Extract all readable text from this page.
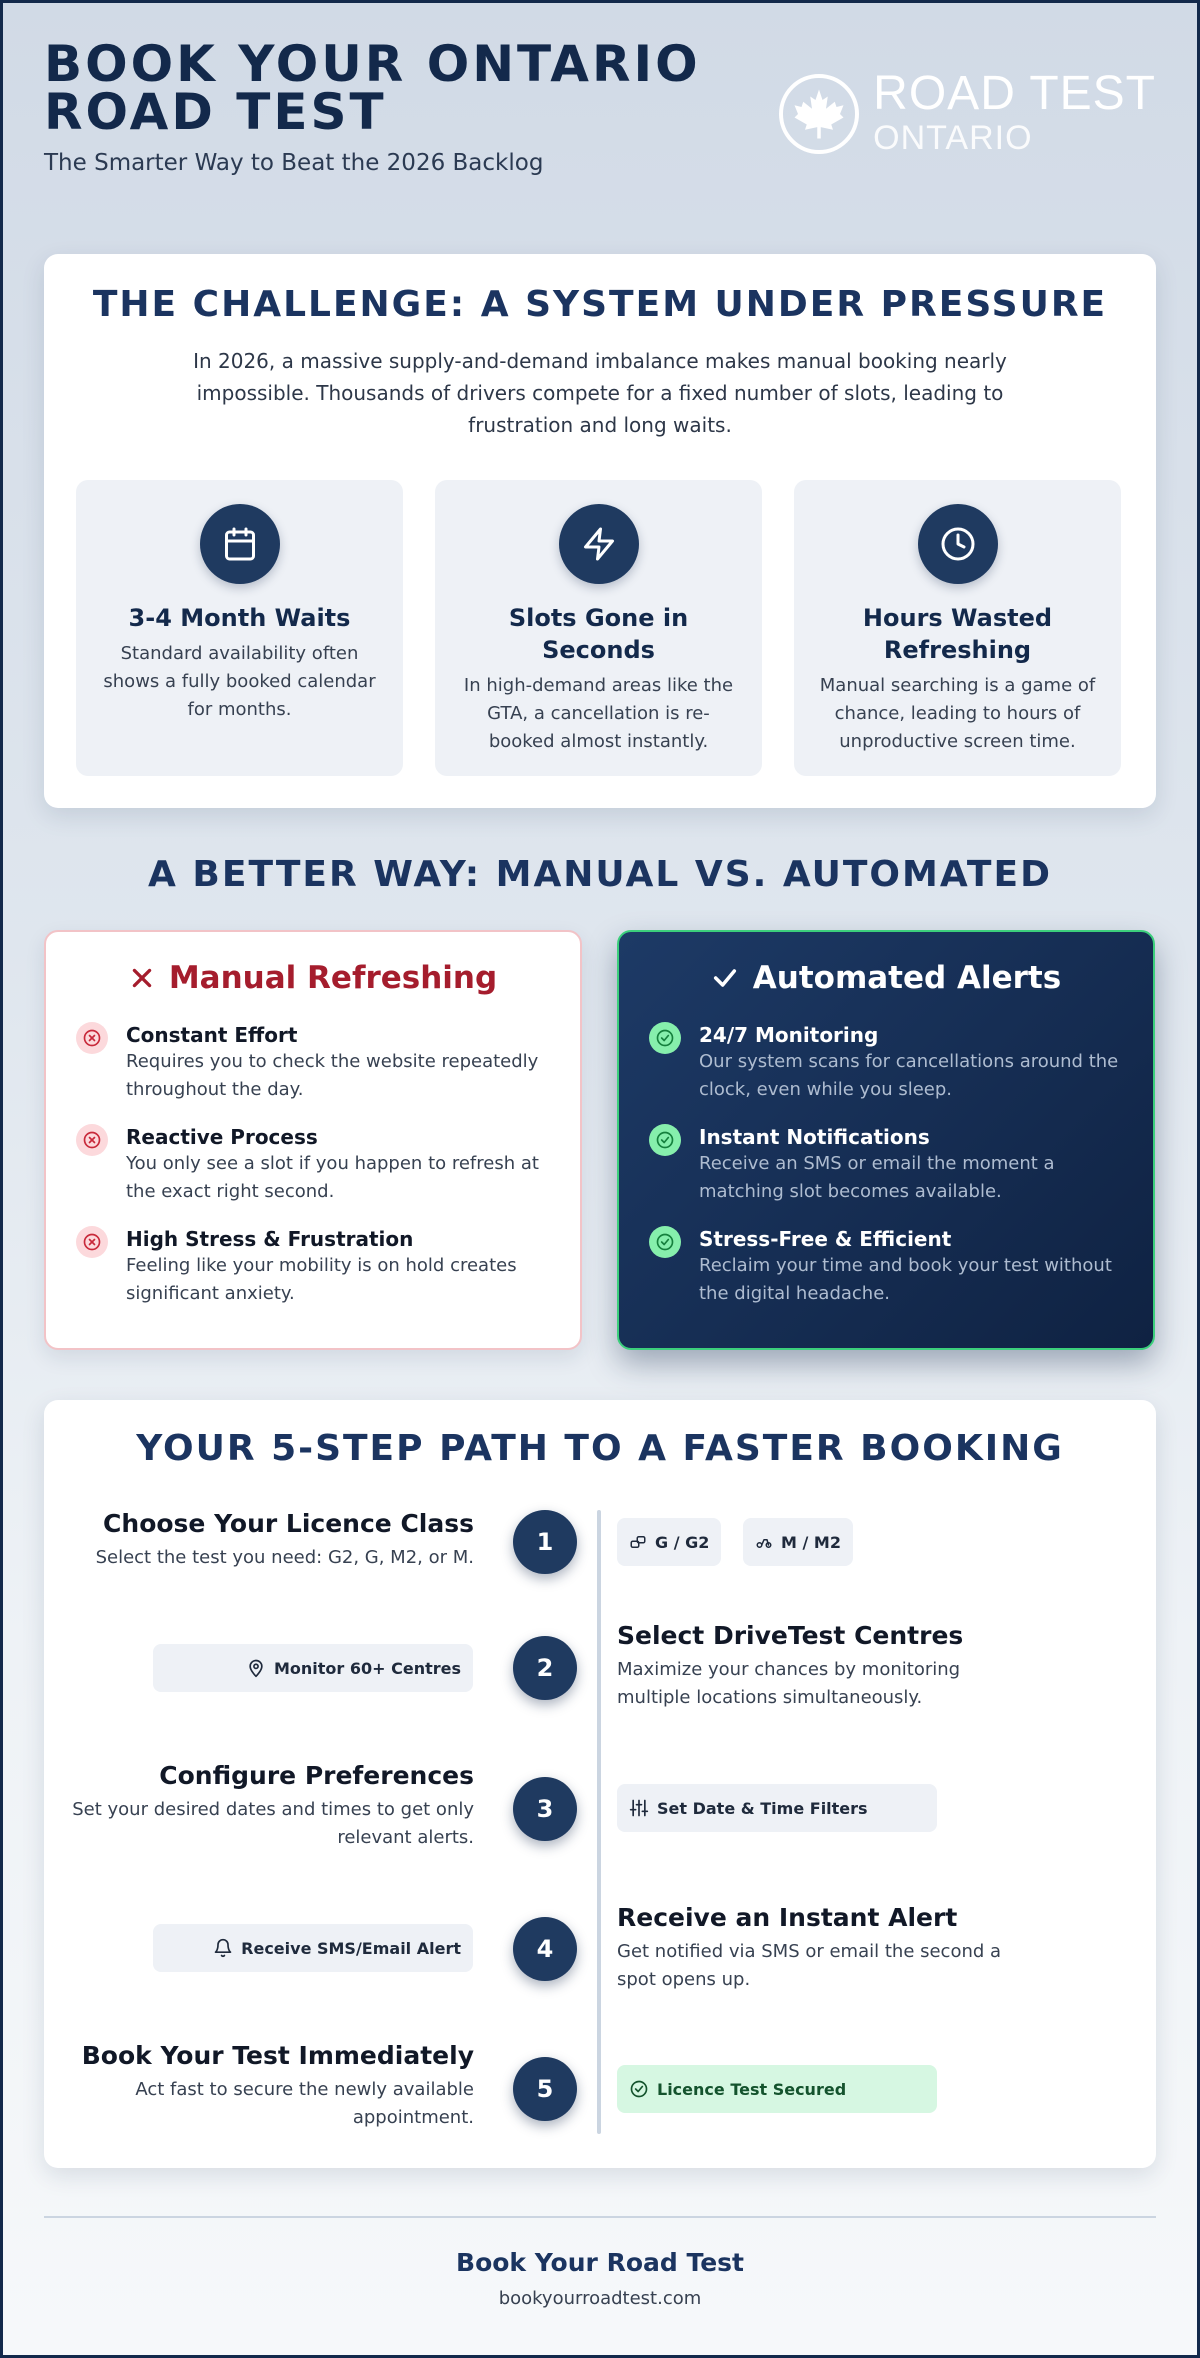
BOOK YOUR ONTARIO
ROAD TEST
The Smarter Way to Beat the 2026 Backlog
ROAD TEST
ONTARIO
THE CHALLENGE: A SYSTEM UNDER PRESSURE
In 2026, a massive supply-and-demand imbalance makes manual booking nearly impossible. Thousands of drivers compete for a fixed number of slots, leading to frustration and long waits.
3-4 Month Waits
Standard availability often shows a fully booked calendar for months.
Slots Gone in Seconds
In high-demand areas like the GTA, a cancellation is re-booked almost instantly.
Hours Wasted Refreshing
Manual searching is a game of chance, leading to hours of unproductive screen time.
A BETTER WAY: MANUAL VS. AUTOMATED
Manual Refreshing
Constant Effort
Requires you to check the website repeatedly throughout the day.
Reactive Process
You only see a slot if you happen to refresh at the exact right second.
High Stress & Frustration
Feeling like your mobility is on hold creates significant anxiety.
Automated Alerts
24/7 Monitoring
Our system scans for cancellations around the clock, even while you sleep.
Instant Notifications
Receive an SMS or email the moment a matching slot becomes available.
Stress-Free & Efficient
Reclaim your time and book your test without the digital headache.
YOUR 5-STEP PATH TO A FASTER BOOKING
Choose Your Licence Class
Select the test you need: G2, G, M2, or M.
1	G / G2	M / M2
Monitor 60+ Centres	2
Select DriveTest Centres
Maximize your chances by monitoring multiple locations simultaneously.
Configure Preferences
Set your desired dates and times to get only relevant alerts.
3	Set Date & Time Filters
Receive SMS/Email Alert	4
Receive an Instant Alert
Get notified via SMS or email the second a spot opens up.
Book Your Test Immediately
Act fast to secure the newly available appointment.
5	Licence Test Secured
Book Your Road Test
bookyourroadtest.com
